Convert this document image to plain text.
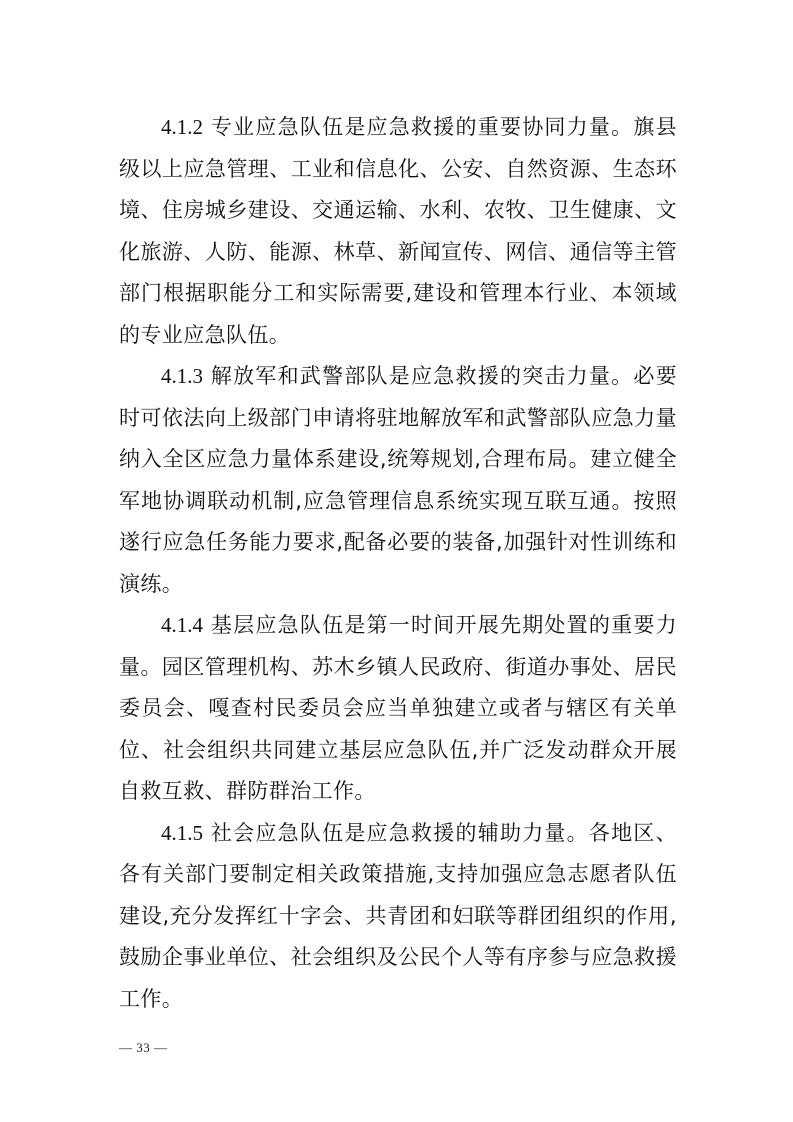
4.1.2 专业应急队伍是应急救援的重要协同力量。旗县级以上应急管理、工业和信息化、公安、自然资源、生态环境、住房城乡建设、交通运输、水利、农牧、卫生健康、文化旅游、人防、能源、林草、新闻宣传、网信、通信等主管部门根据职能分工和实际需要,建设和管理本行业、本领域的专业应急队伍。

4.1.3 解放军和武警部队是应急救援的突击力量。必要时可依法向上级部门申请将驻地解放军和武警部队应急力量纳入全区应急力量体系建设,统筹规划,合理布局。建立健全军地协调联动机制,应急管理信息系统实现互联互通。按照遂行应急任务能力要求,配备必要的装备,加强针对性训练和演练。

4.1.4 基层应急队伍是第一时间开展先期处置的重要力量。园区管理机构、苏木乡镇人民政府、街道办事处、居民委员会、嘎查村民委员会应当单独建立或者与辖区有关单位、社会组织共同建立基层应急队伍,并广泛发动群众开展自救互救、群防群治工作。

4.1.5 社会应急队伍是应急救援的辅助力量。各地区、各有关部门要制定相关政策措施,支持加强应急志愿者队伍建设,充分发挥红十字会、共青团和妇联等群团组织的作用,鼓励企事业单位、社会组织及公民个人等有序参与应急救援工作。

— 33 —
